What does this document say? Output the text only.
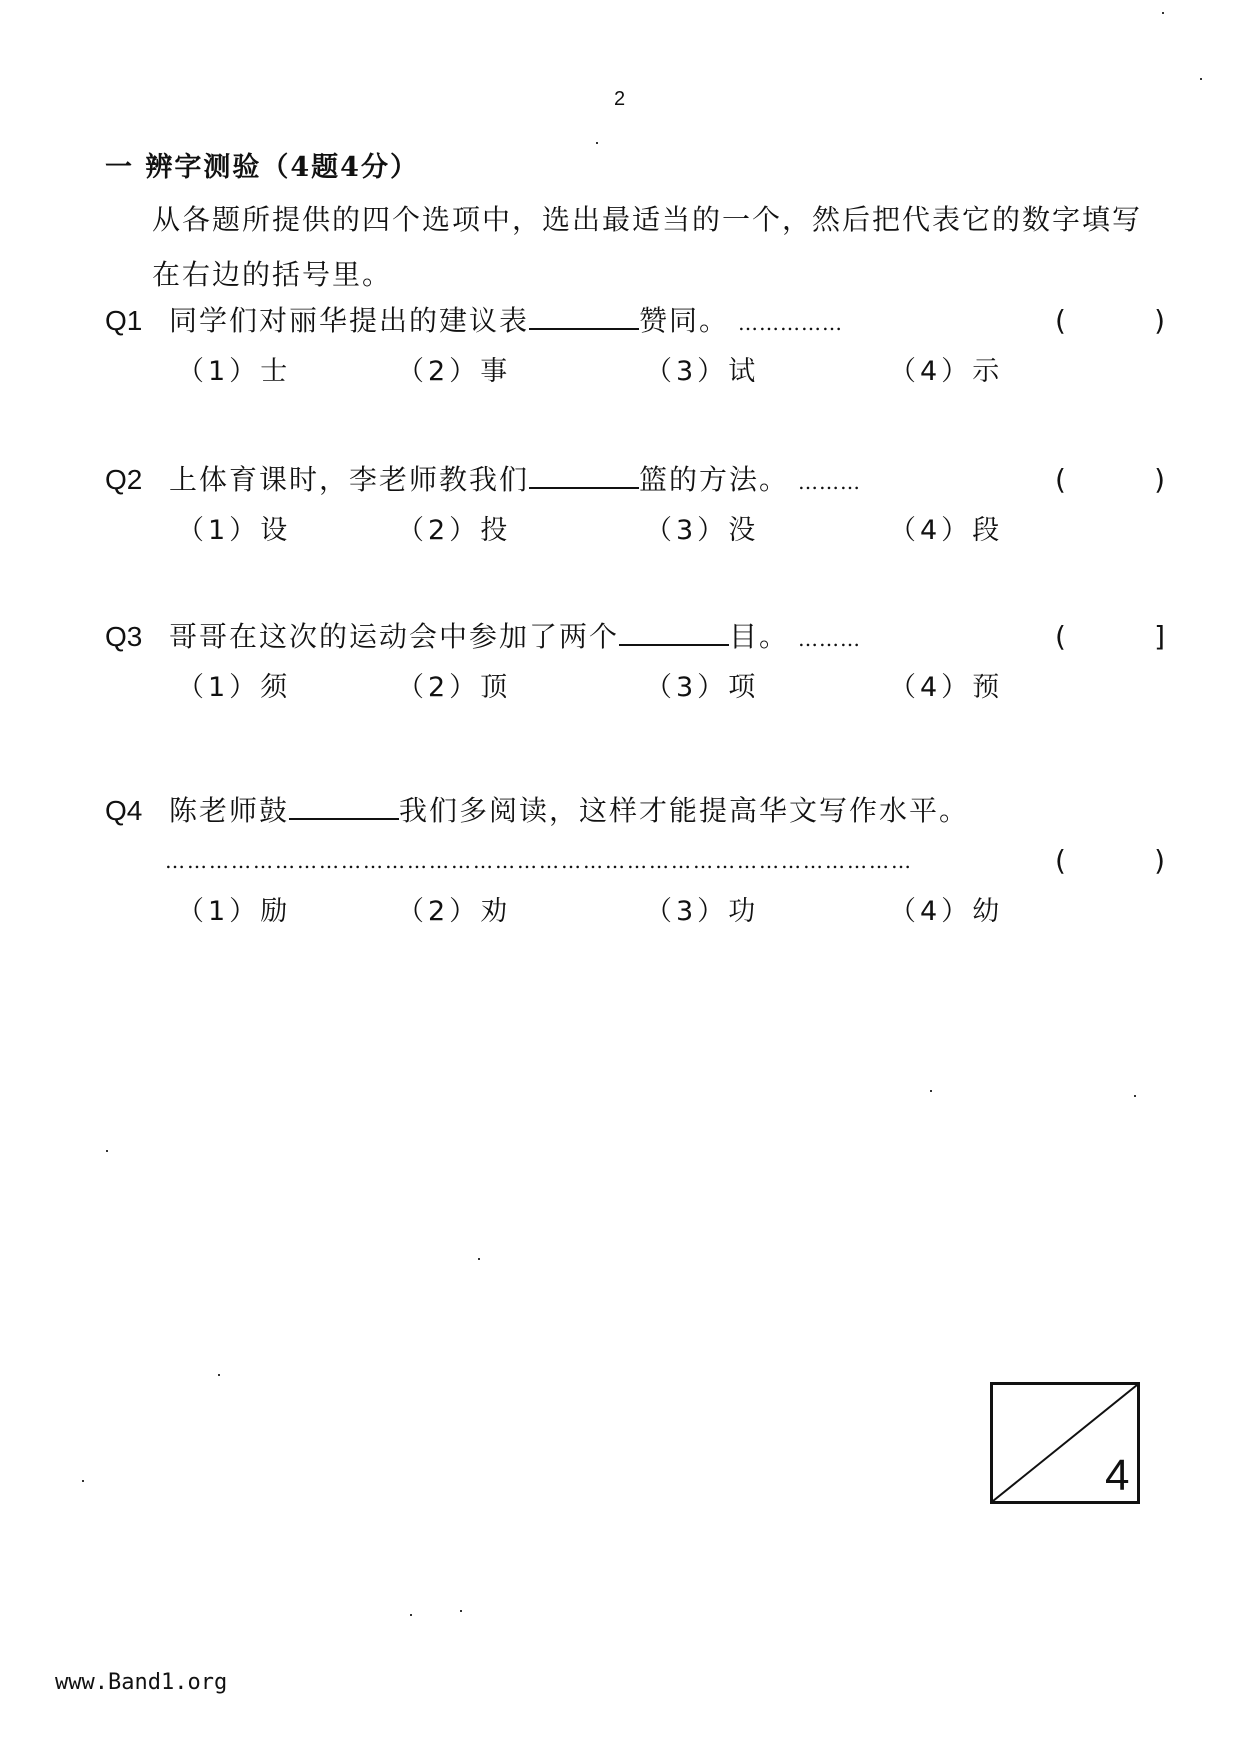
2
一 辨字测验（4题4分）
从各题所提供的四个选项中，选出最适当的一个，然后把代表它的数字填写在右边的括号里。
Q1 同学们对丽华提出的建议表	赞同。 ……………	(	)
（1）士	（2）事	（3）试	（4）示
Q2 上体育课时，李老师教我们	篮的方法。 ………	(	)
（1）设	（2）投	（3）没	（4）段
Q3 哥哥在这次的运动会中参加了两个	目。 ………	(	]
（1）须	（2）顶	（3）项	（4）预
Q4 陈老师鼓	我们多阅读，这样才能提高华文写作水平。
…………………………………………………………………………………………	(	)
（1）励	（2）劝	（3）功	（4）幼
4
www.Band1.org
